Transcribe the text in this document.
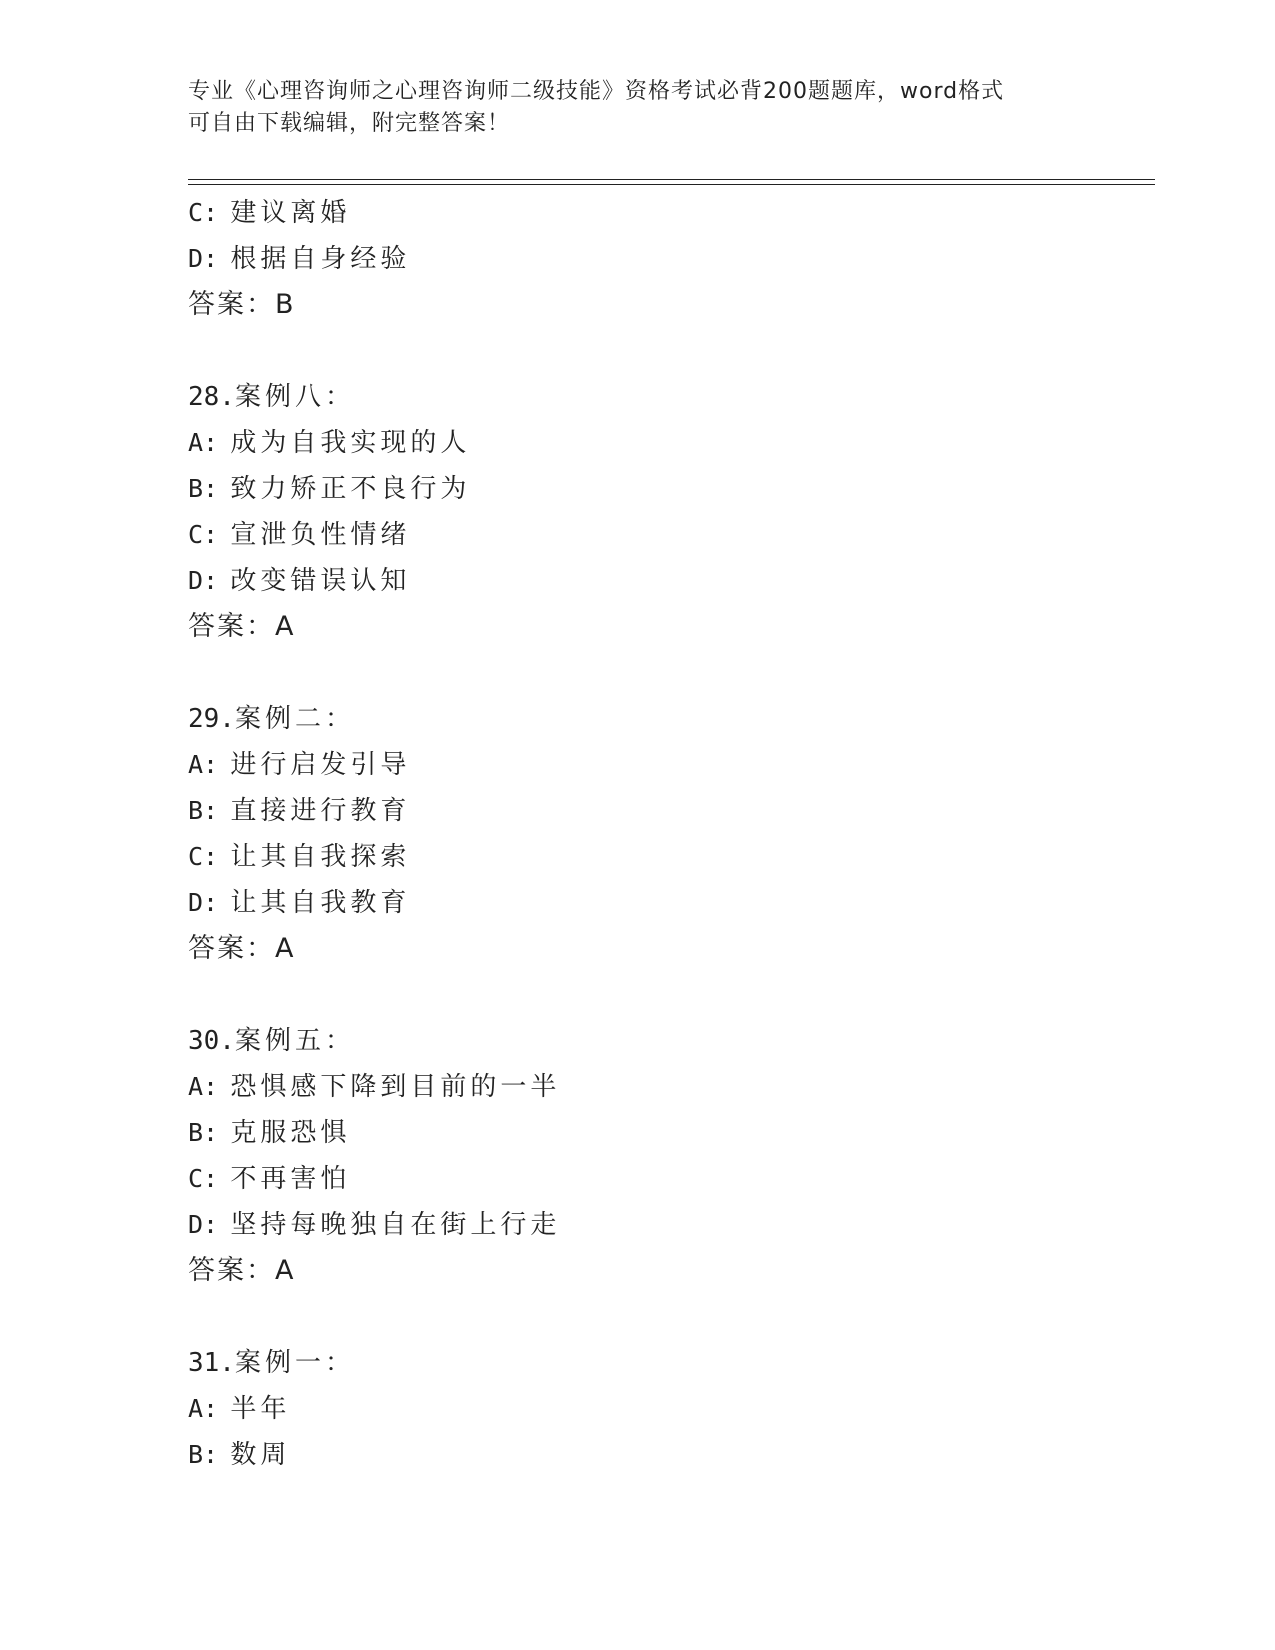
专业《心理咨询师之心理咨询师二级技能》资格考试必背200题题库，word格式
可自由下载编辑，附完整答案！
C: 建议离婚
D: 根据自身经验
答案：B
28.案例八：
A: 成为自我实现的人
B: 致力矫正不良行为
C: 宣泄负性情绪
D: 改变错误认知
答案：A
29.案例二：
A: 进行启发引导
B: 直接进行教育
C: 让其自我探索
D: 让其自我教育
答案：A
30.案例五：
A: 恐惧感下降到目前的一半
B: 克服恐惧
C: 不再害怕
D: 坚持每晚独自在街上行走
答案：A
31.案例一：
A: 半年
B: 数周
